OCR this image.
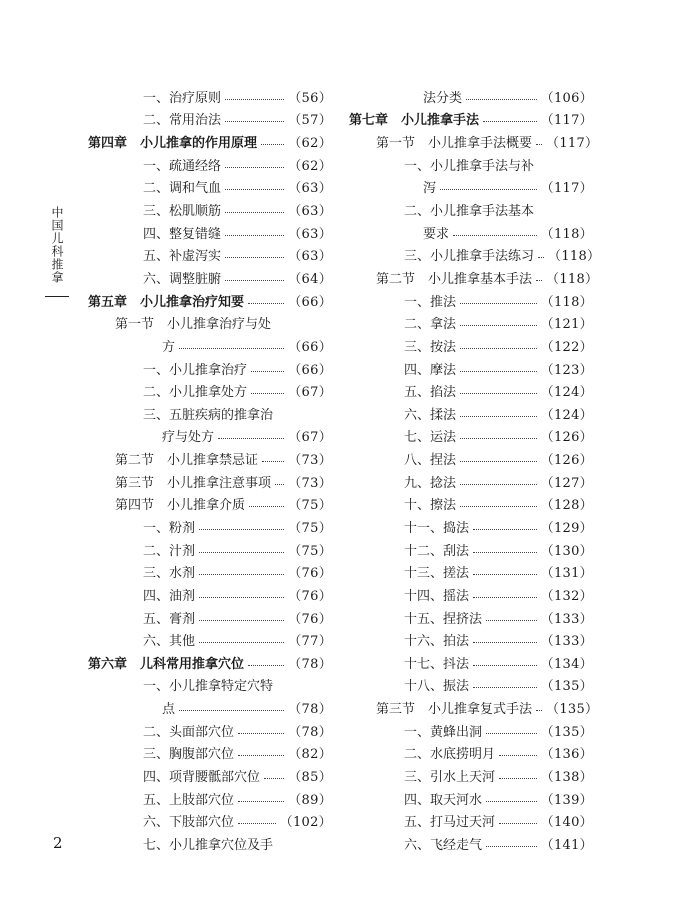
中国儿科推拿
一、治疗原则	（56）
二、常用治法	（57）
第四章　小儿推拿的作用原理 （62）
一、疏通经络	（62）
二、调和气血	（63）
三、松肌顺筋	（63）
四、整复错缝	（63）
五、补虚泻实	（63）
六、调整脏腑	（64）
第五章　小儿推拿治疗知要	（66）
第一节　小儿推拿治疗与处
方	（66）
一、小儿推拿治疗	（66）
二、小儿推拿处方	（67）
三、五脏疾病的推拿治
疗与处方	（67）
第二节　小儿推拿禁忌证 （73）
第三节　小儿推拿注意事项 （73）
第四节　小儿推拿介质	（75）
一、粉剂	（75）
二、汁剂	（75）
三、水剂	（76）
四、油剂	（76）
五、膏剂	（76）
六、其他	（77）
第六章　儿科常用推拿穴位	（78）
一、小儿推拿特定穴特
点	（78）
二、头面部穴位	（78）
三、胸腹部穴位	（82）
四、项背腰骶部穴位 （85）
五、上肢部穴位	（89）
六、下肢部穴位	（102）
七、小儿推拿穴位及手
法分类	（106）
第七章　小儿推拿手法	（117）
第一节　小儿推拿手法概要 （117）
一、小儿推拿手法与补
泻	（117）
二、小儿推拿手法基本
要求	（118）
三、小儿推拿手法练习 （118）
第二节　小儿推拿基本手法 （118）
一、推法	（118）
二、拿法	（121）
三、按法	（122）
四、摩法	（123）
五、掐法	（124）
六、揉法	（124）
七、运法	（126）
八、捏法	（126）
九、捻法	（127）
十、擦法	（128）
十一、捣法	（129）
十二、刮法	（130）
十三、搓法	（131）
十四、摇法	（132）
十五、捏挤法	（133）
十六、拍法	（133）
十七、抖法	（134）
十八、振法	（135）
第三节　小儿推拿复式手法 （135）
一、黄蜂出洞	（135）
二、水底捞明月	（136）
三、引水上天河	（138）
四、取天河水	（139）
五、打马过天河	（140）
六、飞经走气	（141）
2
